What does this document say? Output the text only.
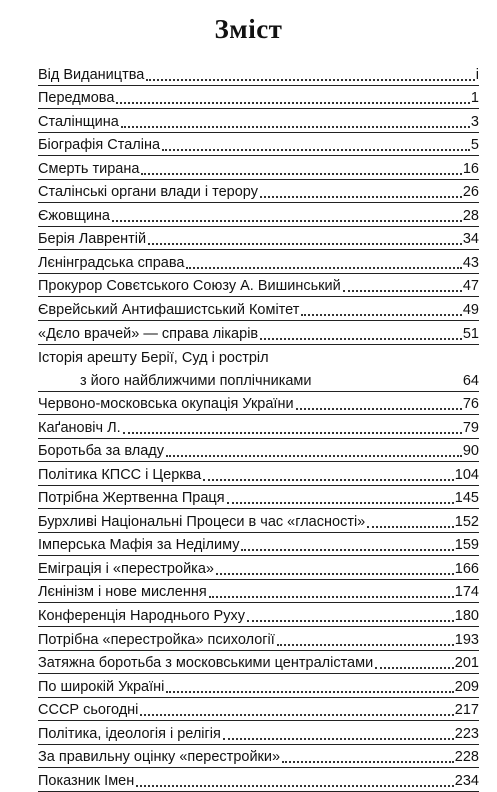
Зміст
Від Видаництва	i
Передмова	1
Сталінщина	3
Біографія Сталіна	5
Смерть тирана	16
Сталінські органи влади і терору	26
Єжовщина	28
Берія Лаврентій	34
Лєнінградська справа	43
Прокурор Совєтського Союзу А. Вишинський	47
Єврейський Антифашистський Комітет	49
«Дєло врачей» — справа лікарів	51
Історія арешту Берії, Суд і ростріл
з його найближчими поплічниками	64
Червоно-московська окупація України	76
Каґановіч Л.	79
Боротьба за владу	90
Політика КПСС і Церква	104
Потрібна Жертвенна Праця	145
Бурхливі Національні Процеси в час «гласності»	152
Імперська Мафія за Неділиму	159
Еміграція і «перестройка»	166
Лєнінізм і нове мислення	174
Конференція Народнього Руху	180
Потрібна «перестройка» психології	193
Затяжна боротьба з московськими централістами	201
По широкій Україні	209
СССР сьогодні	217
Політика, ідеологія і релігія	223
За правильну оцінку «перестройки»	228
Показник Імен	234
